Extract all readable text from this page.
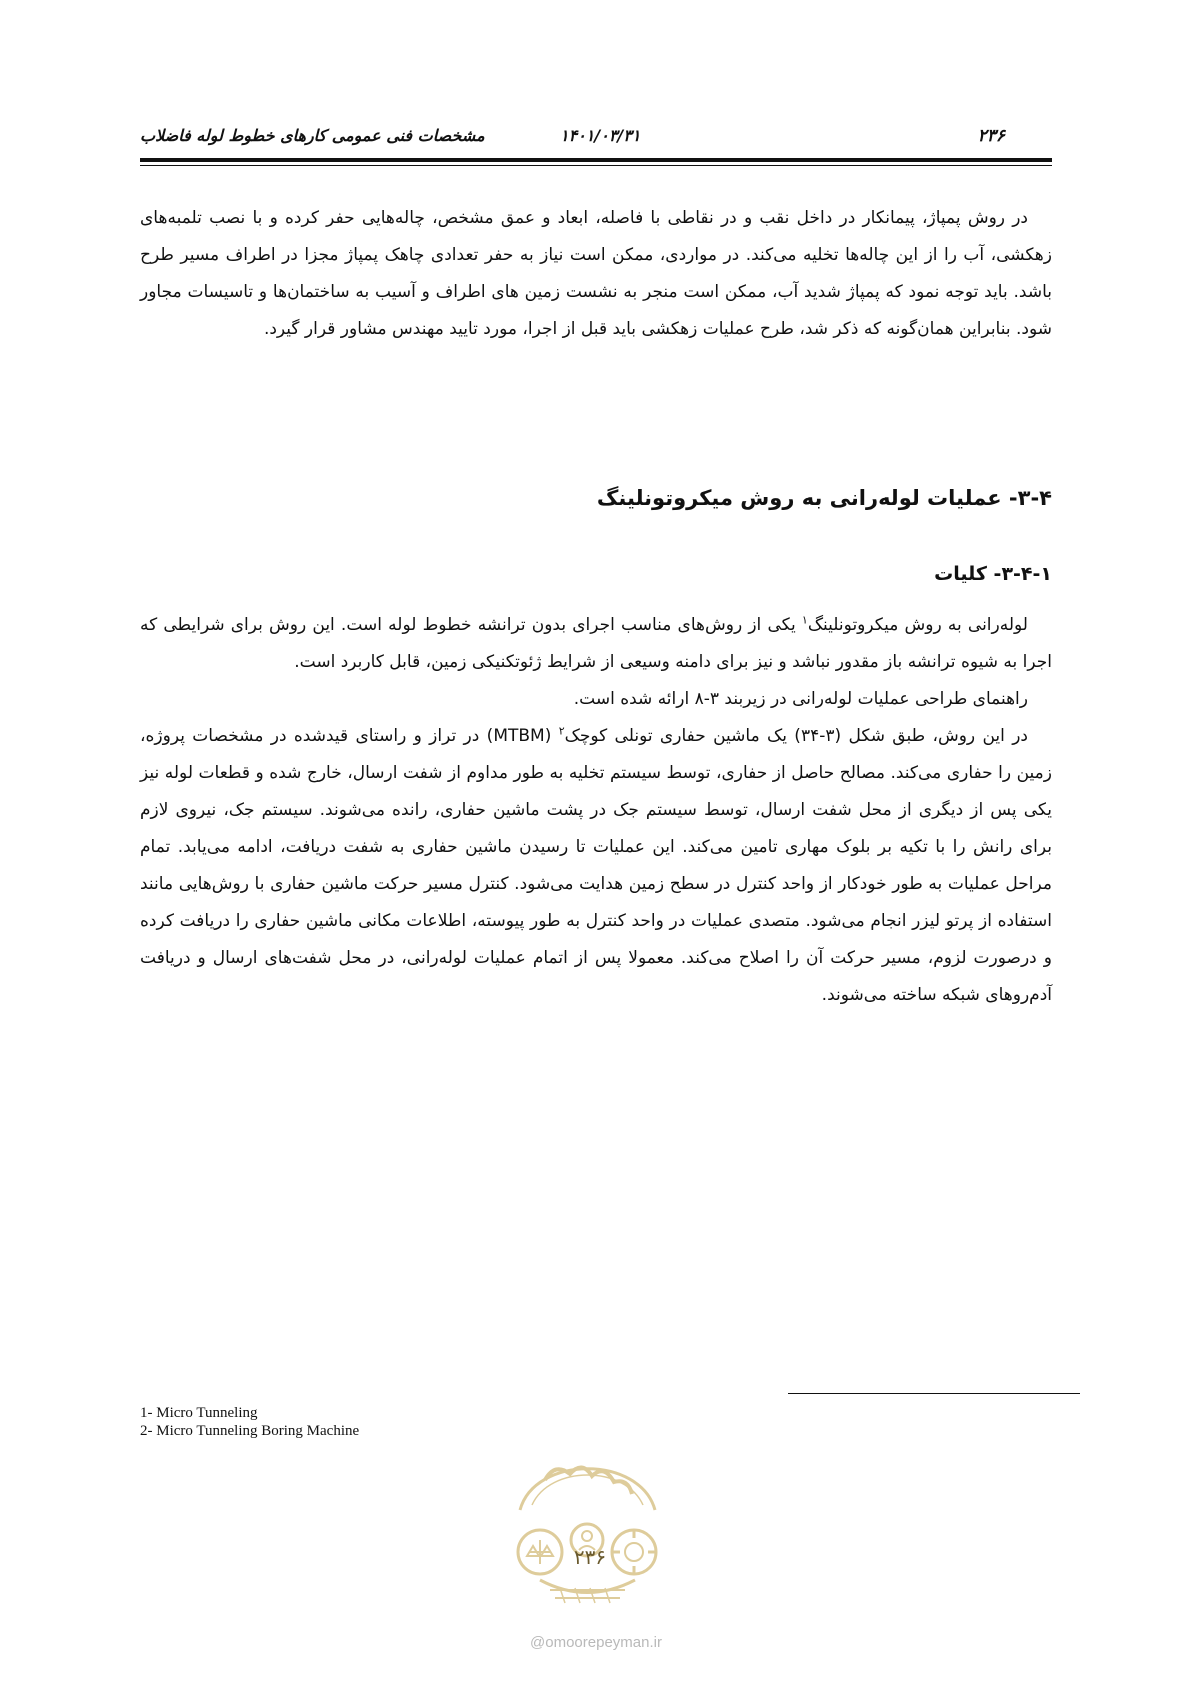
۲۳۶
۱۴۰۱/۰۳/۳۱
مشخصات فنی عمومی کارهای خطوط لوله فاضلاب

در روش پمپاژ، پیمانکار در داخل نقب و در نقاطی با فاصله، ابعاد و عمق مشخص، چاله‌هایی حفر کرده و با نصب تلمبه‌های زهکشی، آب را از این چاله‌ها تخلیه می‌کند. در مواردی، ممکن است نیاز به حفر تعدادی چاهک پمپاژ مجزا در اطراف مسیر طرح باشد. باید توجه نمود که پمپاژ شدید آب، ممکن است منجر به نشست زمین های اطراف و آسیب به ساختمان‌ها و تاسیسات مجاور شود. بنابراین همان‌گونه که ذکر شد، طرح عملیات زهکشی باید قبل از اجرا، مورد تایید مهندس مشاور قرار گیرد.

۳-۴- عملیات لوله‌رانی به روش میکروتونلینگ
۳-۴-۱- کلیات

لوله‌رانی به روش میکروتونلینگ$^۱$ یکی از روش‌های مناسب اجرای بدون ترانشه خطوط لوله است. این روش برای شرایطی که اجرا به شیوه ترانشه باز مقدور نباشد و نیز برای دامنه وسیعی از شرایط ژئوتکنیکی زمین، قابل کاربرد است.

راهنمای طراحی عملیات لوله‌رانی در زیربند ۳-۸ ارائه شده است.

در این روش، طبق شکل (۳-۳۴) یک ماشین حفاری تونلی کوچک$^۲$ (MTBM) در تراز و راستای قیدشده در مشخصات پروژه، زمین را حفاری می‌کند. مصالح حاصل از حفاری، توسط سیستم تخلیه به طور مداوم از شفت ارسال، خارج شده و قطعات لوله نیز یکی پس از دیگری از محل شفت ارسال، توسط سیستم جک در پشت ماشین حفاری، رانده می‌شوند. سیستم جک، نیروی لازم برای رانش را با تکیه بر بلوک مهاری تامین می‌کند. این عملیات تا رسیدن ماشین حفاری به شفت دریافت، ادامه می‌یابد. تمام مراحل عملیات به طور خودکار از واحد کنترل در سطح زمین هدایت می‌شود. کنترل مسیر حرکت ماشین حفاری با روش‌هایی مانند استفاده از پرتو لیزر انجام می‌شود. متصدی عملیات در واحد کنترل به طور پیوسته، اطلاعات مکانی ماشین حفاری را دریافت کرده و درصورت لزوم، مسیر حرکت آن را اصلاح می‌کند. معمولا پس از اتمام عملیات لوله‌رانی، در محل شفت‌های ارسال و دریافت آدم‌روهای شبکه ساخته می‌شوند.

1- Micro Tunneling
2- Micro Tunneling Boring Machine
۲۳۶
@omoorepeyman.ir
